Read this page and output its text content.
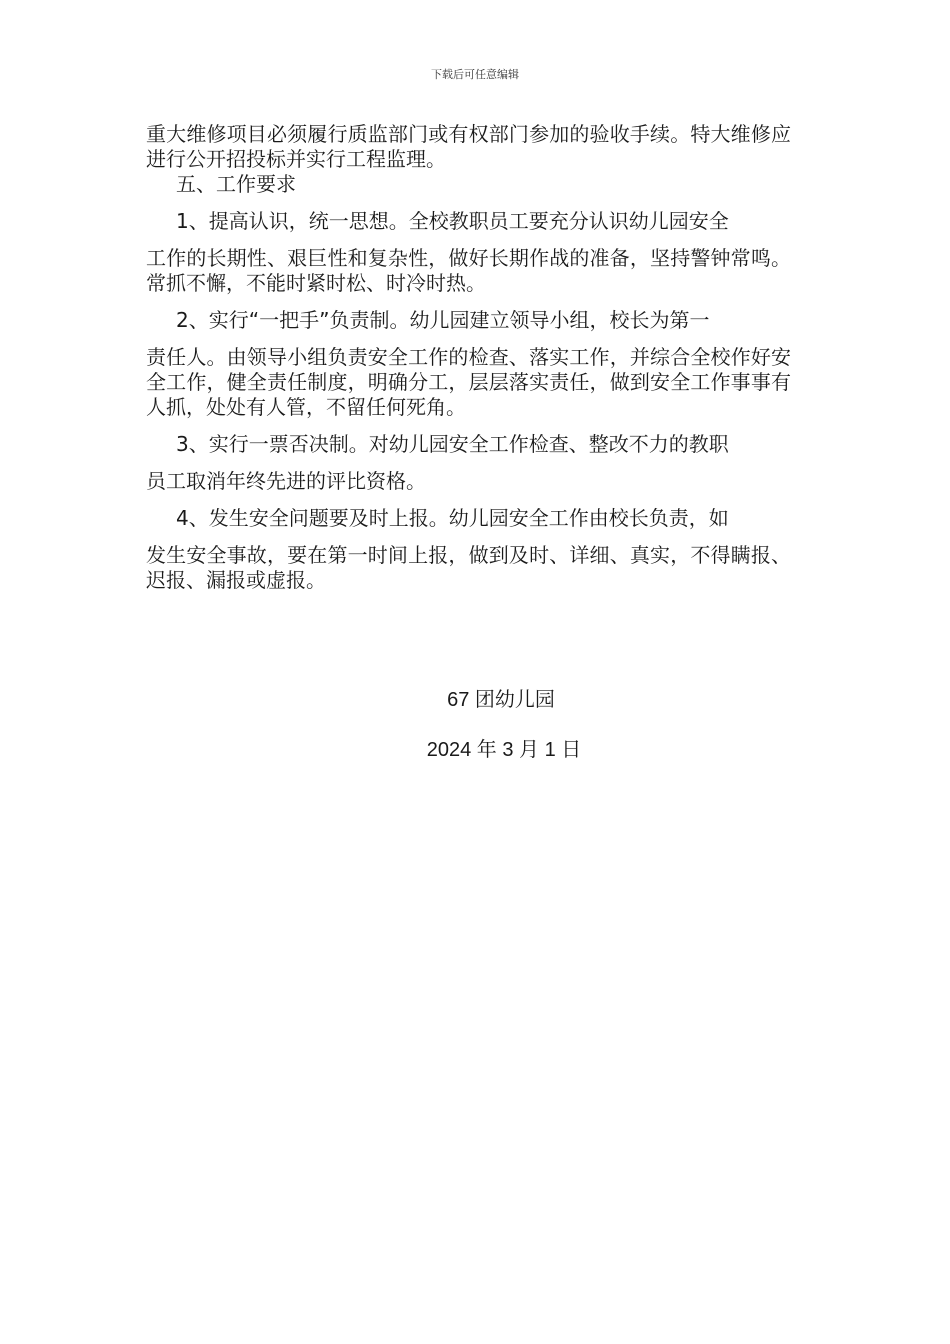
下载后可任意编辑

重大维修项目必须履行质监部门或有权部门参加的验收手续。特大维修应进行公开招投标并实行工程监理。

五、工作要求

1、提高认识，统一思想。全校教职员工要充分认识幼儿园安全

工作的长期性、艰巨性和复杂性，做好长期作战的准备，坚持警钟常鸣。常抓不懈，不能时紧时松、时冷时热。

2、实行“一把手”负责制。幼儿园建立领导小组，校长为第一

责任人。由领导小组负责安全工作的检查、落实工作，并综合全校作好安全工作，健全责任制度，明确分工，层层落实责任，做到安全工作事事有人抓，处处有人管，不留任何死角。

3、实行一票否决制。对幼儿园安全工作检查、整改不力的教职

员工取消年终先进的评比资格。

4、发生安全问题要及时上报。幼儿园安全工作由校长负责，如

发生安全事故，要在第一时间上报，做到及时、详细、真实，不得瞒报、迟报、漏报或虚报。

67 团幼儿园
2024 年 3 月 1 日
